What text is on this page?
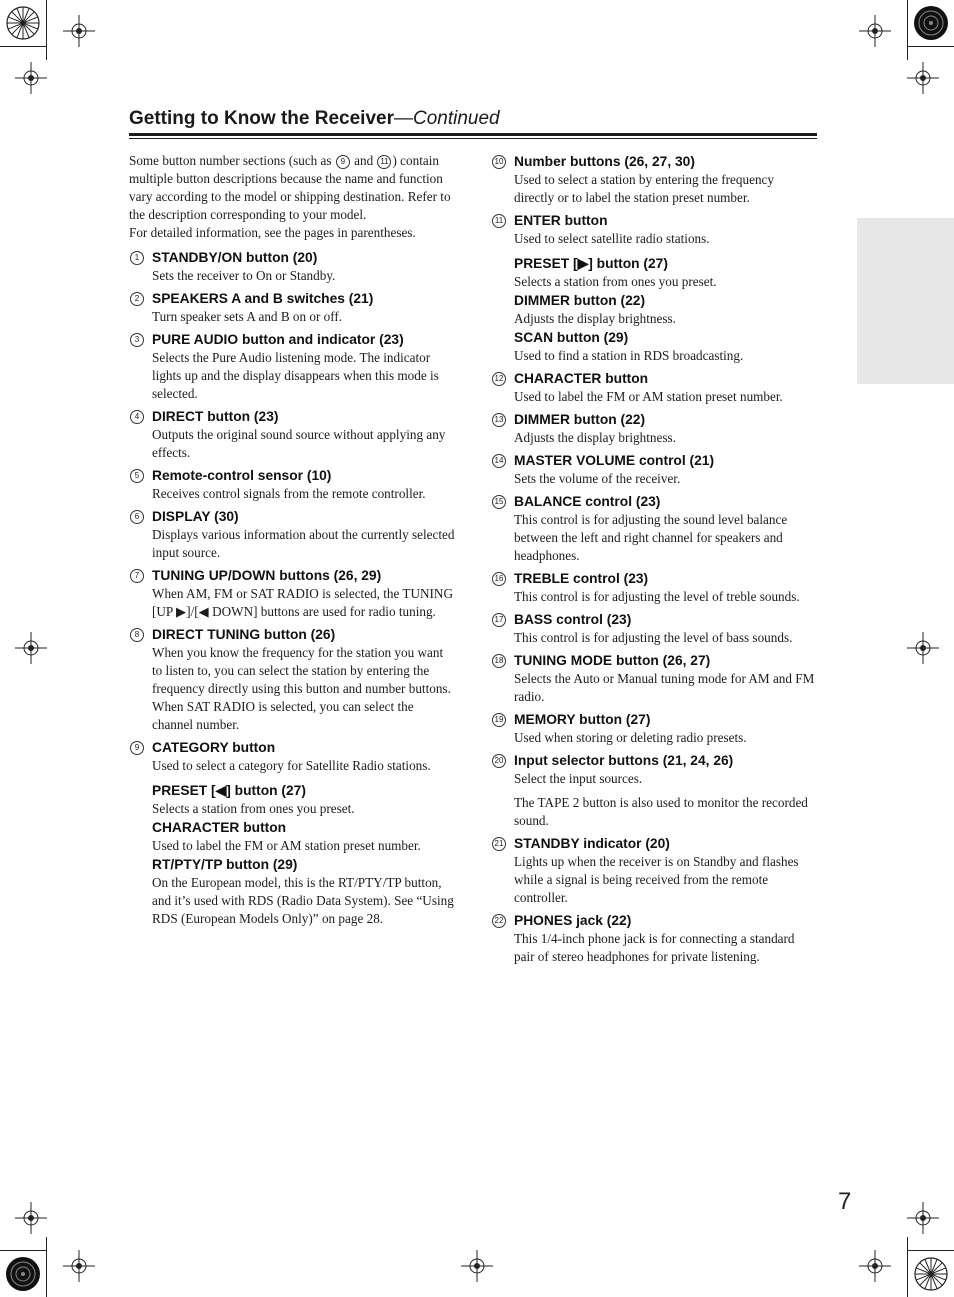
Getting to Know the Receiver—Continued

Some button number sections (such as 9 and 11 ) contain multiple button descriptions because the name and function vary according to the model or shipping destination. Refer to the description corresponding to your model.

For detailed information, see the pages in parentheses.

1 STANDBY/ON button (20)
Sets the receiver to On or Standby.
2 SPEAKERS A and B switches (21)
Turn speaker sets A and B on or off.
3 PURE AUDIO button and indicator (23)
Selects the Pure Audio listening mode. The indicator lights up and the display disappears when this mode is selected.
4 DIRECT button (23)
Outputs the original sound source without applying any effects.
5 Remote-control sensor (10)
Receives control signals from the remote controller.
6 DISPLAY (30)
Displays various information about the currently selected input source.
7 TUNING UP/DOWN buttons (26, 29)
When AM, FM or SAT RADIO is selected, the TUNING [UP ▶]/[◀ DOWN] buttons are used for radio tuning.
8 DIRECT TUNING button (26)
When you know the frequency for the station you want to listen to, you can select the station by entering the frequency directly using this button and number buttons. When SAT RADIO is selected, you can select the channel number.
9 CATEGORY button
Used to select a category for Satellite Radio stations.
PRESET [◀] button (27)
Selects a station from ones you preset.
CHARACTER button
Used to label the FM or AM station preset number.
RT/PTY/TP button (29)
On the European model, this is the RT/PTY/TP button, and it’s used with RDS (Radio Data System). See “Using RDS (European Models Only)” on page 28.
10 Number buttons (26, 27, 30)
Used to select a station by entering the frequency directly or to label the station preset number.
11 ENTER button
Used to select satellite radio stations.
PRESET [▶] button (27)
Selects a station from ones you preset.
DIMMER button (22)
Adjusts the display brightness.
SCAN button (29)
Used to find a station in RDS broadcasting.
12 CHARACTER button
Used to label the FM or AM station preset number.
13 DIMMER button (22)
Adjusts the display brightness.
14 MASTER VOLUME control (21)
Sets the volume of the receiver.
15 BALANCE control (23)
This control is for adjusting the sound level balance between the left and right channel for speakers and headphones.
16 TREBLE control (23)
This control is for adjusting the level of treble sounds.
17 BASS control (23)
This control is for adjusting the level of bass sounds.
18 TUNING MODE button (26, 27)
Selects the Auto or Manual tuning mode for AM and FM radio.
19 MEMORY button (27)
Used when storing or deleting radio presets.
20 Input selector buttons (21, 24, 26)
Select the input sources.
The TAPE 2 button is also used to monitor the recorded sound.
21 STANDBY indicator (20)
Lights up when the receiver is on Standby and flashes while a signal is being received from the remote controller.
22 PHONES jack (22)
This 1/4-inch phone jack is for connecting a standard pair of stereo headphones for private listening.
7
